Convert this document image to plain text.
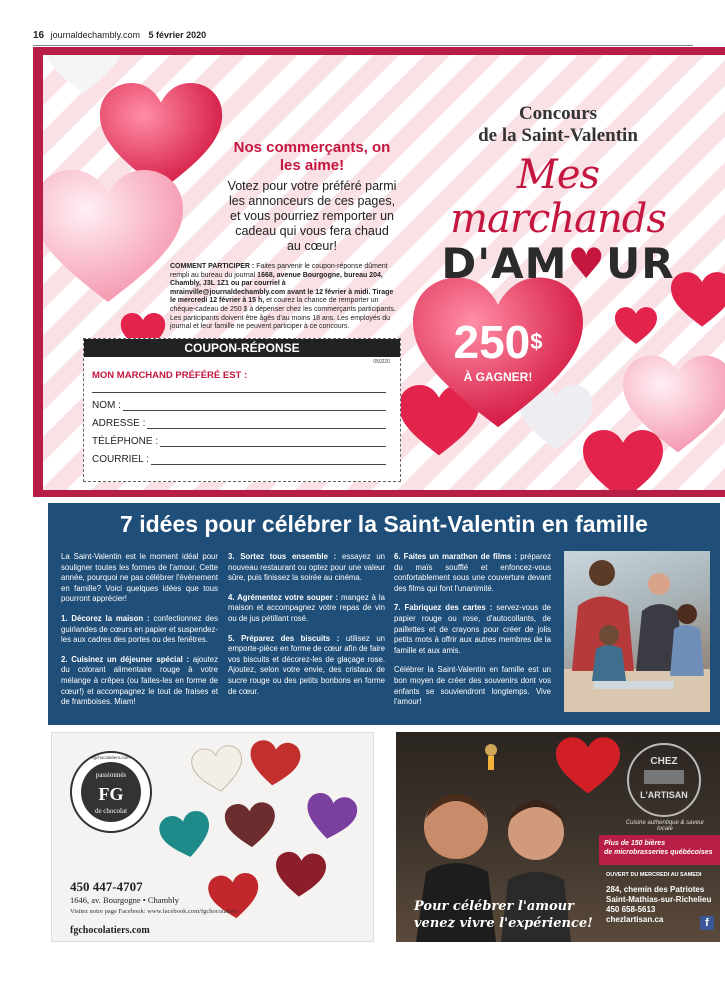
16 journaldechambly.com 5 février 2020
250$
À GAGNER!
Nos commerçants, on les aime!
Votez pour votre préféré parmi les annonceurs de ces pages, et vous pourriez remporter un cadeau qui vous fera chaud au cœur!
COMMENT PARTICIPER : Faites parvenir le coupon-réponse dûment rempli au bureau du journal 1668, avenue Bourgogne, bureau 204, Chambly, J3L 1Z1 ou par courriel à mrainville@journaldechambly.com avant le 12 février à midi. Tirage le mercredi 12 février à 15 h, et courez la chance de remporter un chèque-cadeau de 250 $ à dépenser chez les commerçants participants. Les participants doivent être âgés d'au moins 18 ans. Les employés du journal et leur famille ne peuvent participer à ce concours.
Concours
de la Saint-Valentin
Mes marchands
D'AM♥UR
COUPON-RÉPONSE
050220
MON MARCHAND PRÉFÉRÉ EST :
NOM :
ADRESSE :
TÉLÉPHONE :
COURRIEL :
7 idées pour célébrer la Saint-Valentin en famille

La Saint-Valentin est le moment idéal pour souligner toutes les formes de l'amour. Cette année, pourquoi ne pas célébrer l'événement en famille? Voici quelques idées que tous pourront apprécier!

1. Décorez la maison : confectionnez des guirlandes de cœurs en papier et suspendez-les aux cadres des portes ou des fenêtres.

2. Cuisinez un déjeuner spécial : ajoutez du colorant alimentaire rouge à votre mélange à crêpes (ou faites-les en forme de cœur!) et accompagnez le tout de fraises et de framboises. Miam!

3. Sortez tous ensemble : essayez un nouveau restaurant ou optez pour une valeur sûre, puis finissez la soirée au cinéma.

4. Agrémentez votre souper : mangez à la maison et accompagnez votre repas de vin ou de jus pétillant rosé.

5. Préparez des biscuits : utilisez un emporte-pièce en forme de cœur afin de faire vos biscuits et décorez-les de glaçage rose. Ajoutez, selon votre envie, des cristaux de sucre rouge ou des petits bonbons en forme de cœur.

6. Faites un marathon de films : préparez du maïs soufflé et enfoncez-vous confortablement sous une couverture devant des films qui font l'unanimité.

7. Fabriquez des cartes : servez-vous de papier rouge ou rose, d'autocollants, de paillettes et de crayons pour créer de jolis petits mots à offrir aux autres membres de la famille et aux amis.

Célébrer la Saint-Valentin en famille est un bon moyen de créer des souvenirs dont vos enfants se souviendront longtemps. Vive l'amour!

passionnés
FG
de chocolat
fgchocolatiers.com
450 447-4707
1646, av. Bourgogne • Chambly
Visitez notre page Facebook: www.facebook.com/fgchocolatiers
fgchocolatiers.com
CHEZ
L'ARTISAN
Cuisine authentique & saveur locale
Plus de 150 bières
de microbrasseries québécoises
OUVERT DU MERCREDI AU SAMEDI
284, chemin des Patriotes
Saint-Mathias-sur-Richelieu
450 658-5613
chezlartisan.ca	f
Pour célébrer l'amour
venez vivre l'expérience!
